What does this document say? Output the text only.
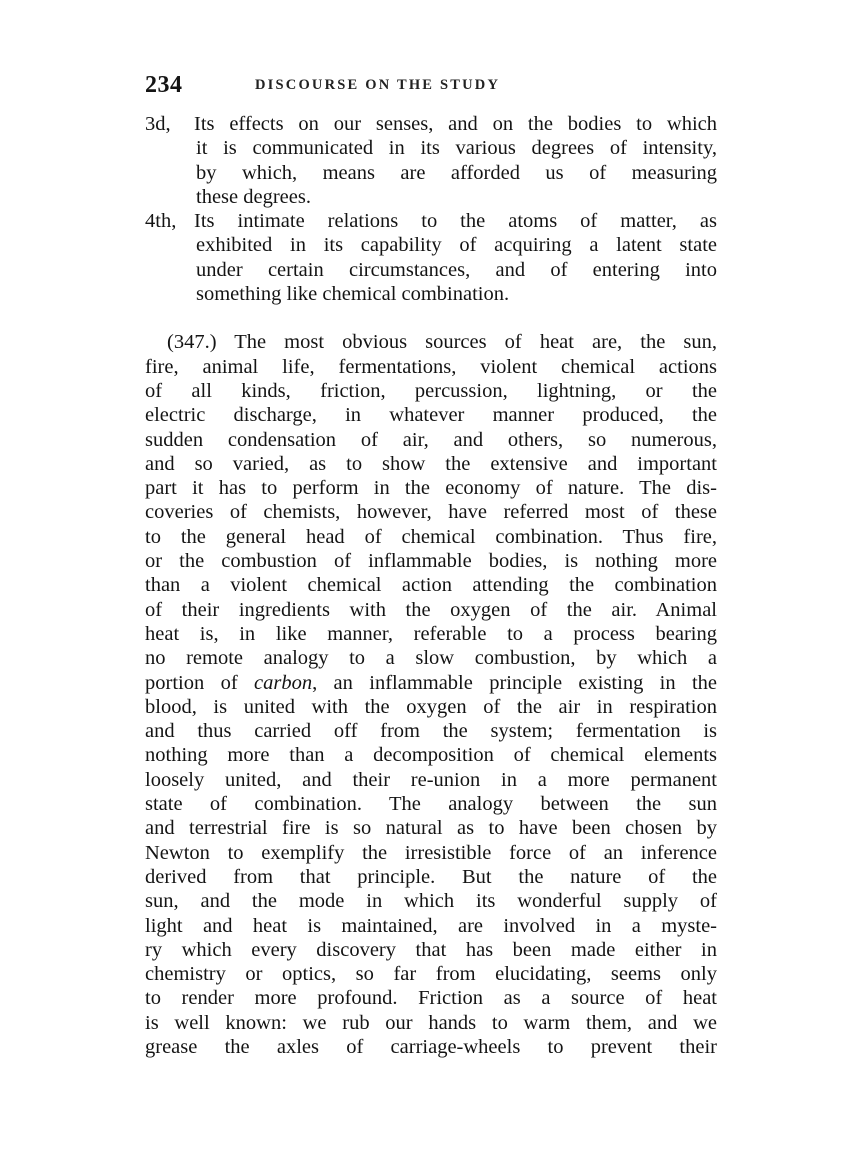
234	DISCOURSE ON THE STUDY
3d, Its effects on our senses, and on the bodies to which
it is communicated in its various degrees of intensity,
by which, means are afforded us of measuring
these degrees.
4th, Its intimate relations to the atoms of matter, as
exhibited in its capability of acquiring a latent state
under certain circumstances, and of entering into
something like chemical combination.
(347.) The most obvious sources of heat are, the sun,
fire, animal life, fermentations, violent chemical actions
of all kinds, friction, percussion, lightning, or the
electric discharge, in whatever manner produced, the
sudden condensation of air, and others, so numerous,
and so varied, as to show the extensive and important
part it has to perform in the economy of nature. The dis-
coveries of chemists, however, have referred most of these
to the general head of chemical combination. Thus fire,
or the combustion of inflammable bodies, is nothing more
than a violent chemical action attending the combination
of their ingredients with the oxygen of the air. Animal
heat is, in like manner, referable to a process bearing
no remote analogy to a slow combustion, by which a
portion of carbon, an inflammable principle existing in the
blood, is united with the oxygen of the air in respiration
and thus carried off from the system; fermentation is
nothing more than a decomposition of chemical elements
loosely united, and their re-union in a more permanent
state of combination. The analogy between the sun
and terrestrial fire is so natural as to have been chosen by
Newton to exemplify the irresistible force of an inference
derived from that principle. But the nature of the
sun, and the mode in which its wonderful supply of
light and heat is maintained, are involved in a myste-
ry which every discovery that has been made either in
chemistry or optics, so far from elucidating, seems only
to render more profound. Friction as a source of heat
is well known: we rub our hands to warm them, and we
grease the axles of carriage-wheels to prevent their
